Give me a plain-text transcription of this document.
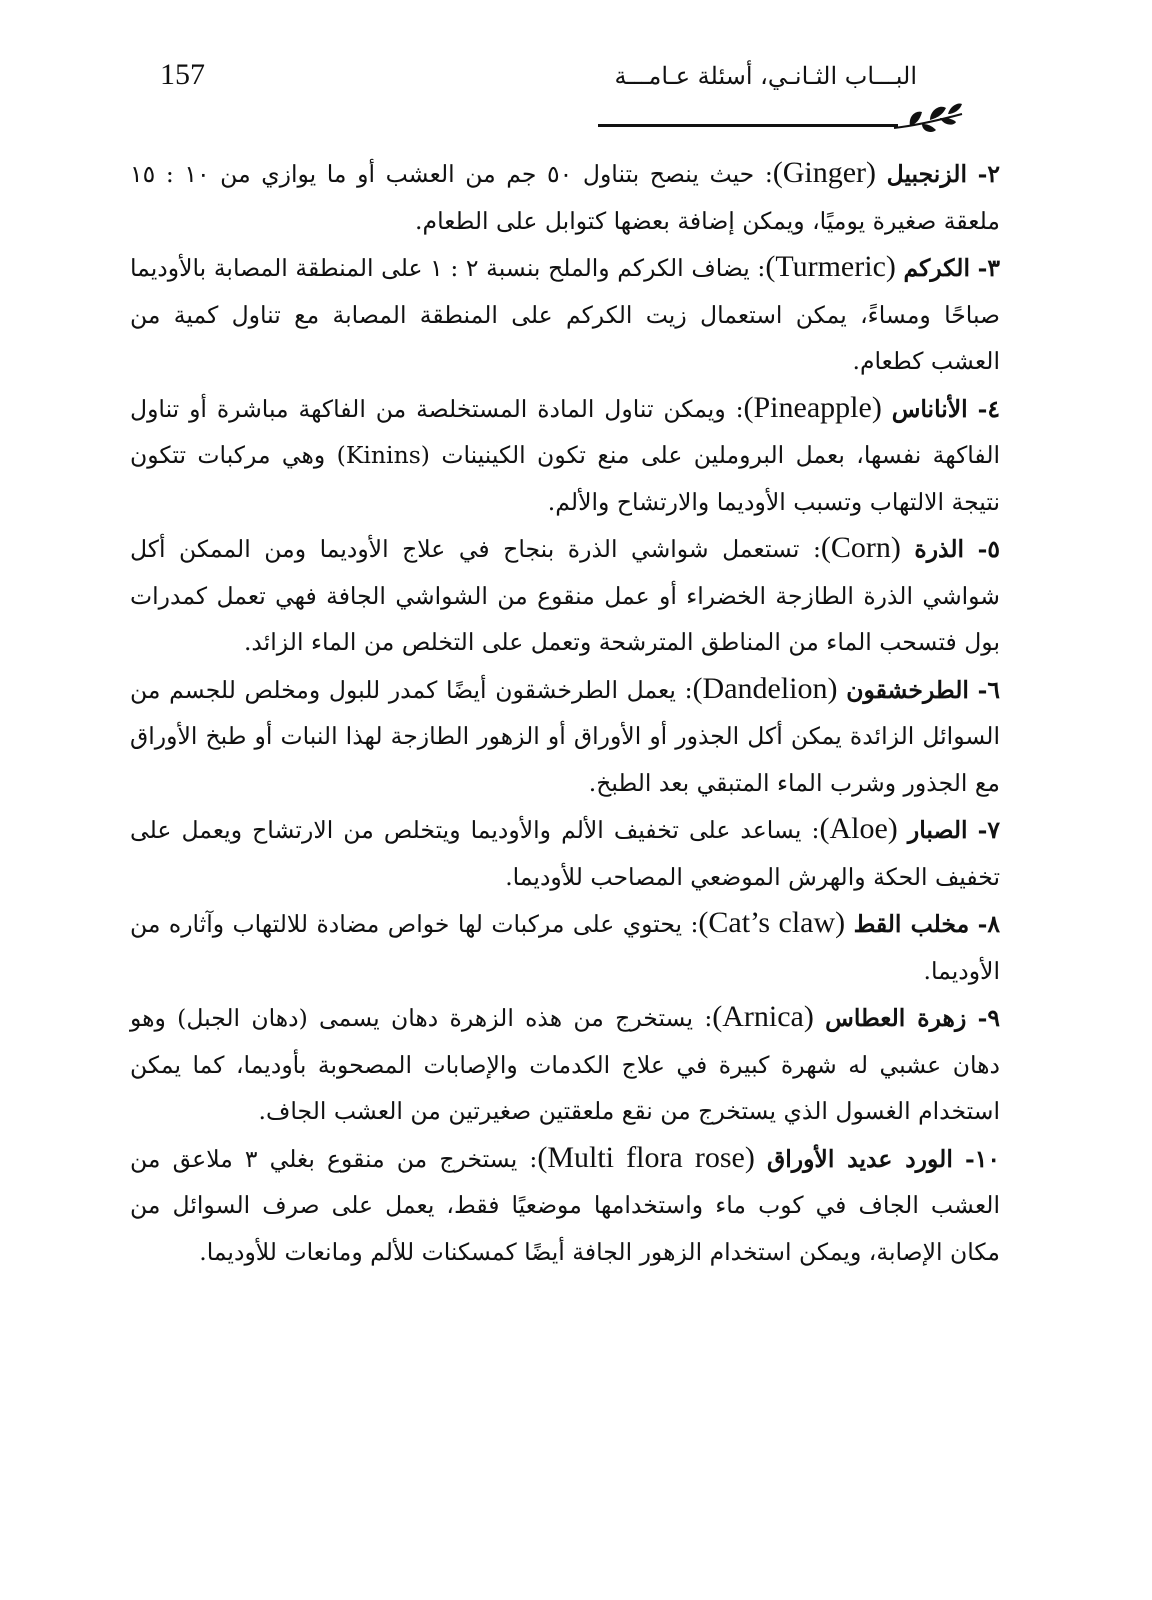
157	البـــاب الثـانـي، أسئلة عـامـــة

٢- الزنجبيل (Ginger): حيث ينصح بتناول ٥٠ جم من العشب أو ما يوازي من ١٠ : ١٥ ملعقة صغيرة يوميًا، ويمكن إضافة بعضها كتوابل على الطعام.

٣- الكركم (Turmeric): يضاف الكركم والملح بنسبة ٢ : ١ على المنطقة المصابة بالأوديما صباحًا ومساءً، يمكن استعمال زيت الكركم على المنطقة المصابة مع تناول كمية من العشب كطعام.

٤- الأناناس (Pineapple): ويمكن تناول المادة المستخلصة من الفاكهة مباشرة أو تناول الفاكهة نفسها، بعمل البروملين على منع تكون الكينينات (Kinins) وهي مركبات تتكون نتيجة الالتهاب وتسبب الأوديما والارتشاح والألم.

٥- الذرة (Corn): تستعمل شواشي الذرة بنجاح في علاج الأوديما ومن الممكن أكل شواشي الذرة الطازجة الخضراء أو عمل منقوع من الشواشي الجافة فهي تعمل كمدرات بول فتسحب الماء من المناطق المترشحة وتعمل على التخلص من الماء الزائد.

٦- الطرخشقون (Dandelion): يعمل الطرخشقون أيضًا كمدر للبول ومخلص للجسم من السوائل الزائدة يمكن أكل الجذور أو الأوراق أو الزهور الطازجة لهذا النبات أو طبخ الأوراق مع الجذور وشرب الماء المتبقي بعد الطبخ.

٧- الصبار (Aloe): يساعد على تخفيف الألم والأوديما ويتخلص من الارتشاح ويعمل على تخفيف الحكة والهرش الموضعي المصاحب للأوديما.

٨- مخلب القط (Cat’s claw): يحتوي على مركبات لها خواص مضادة للالتهاب وآثاره من الأوديما.

٩- زهرة العطاس (Arnica): يستخرج من هذه الزهرة دهان يسمى (دهان الجبل) وهو دهان عشبي له شهرة كبيرة في علاج الكدمات والإصابات المصحوبة بأوديما، كما يمكن استخدام الغسول الذي يستخرج من نقع ملعقتين صغيرتين من العشب الجاف.

١٠- الورد عديد الأوراق (Multi flora rose): يستخرج من منقوع بغلي ٣ ملاعق من العشب الجاف في كوب ماء واستخدامها موضعيًا فقط، يعمل على صرف السوائل من مكان الإصابة، ويمكن استخدام الزهور الجافة أيضًا كمسكنات للألم ومانعات للأوديما.
